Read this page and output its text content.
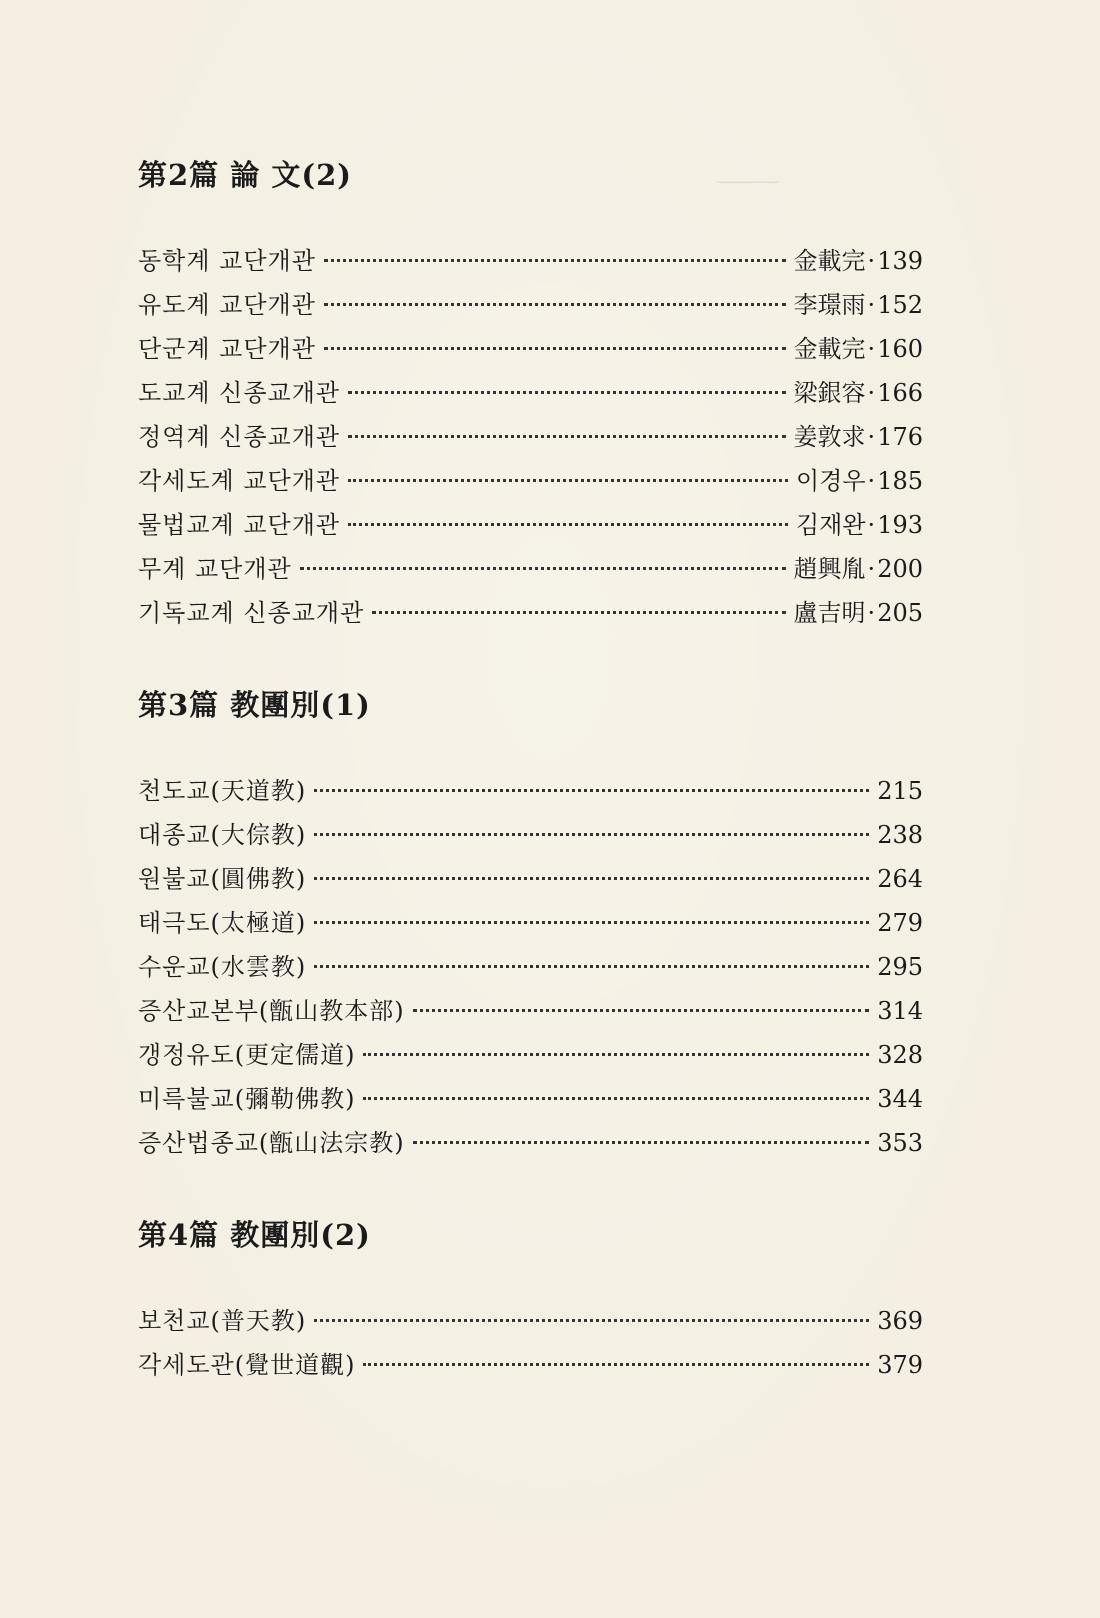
⸻
第2篇 論 文(2)
동학계 교단개관	金載完 · 139
유도계 교단개관	李璟雨 · 152
단군계 교단개관	金載完 · 160
도교계 신종교개관	梁銀容 · 166
정역계 신종교개관	姜敦求 · 176
각세도계 교단개관	이경우 · 185
물법교계 교단개관	김재완 · 193
무계 교단개관	趙興胤 · 200
기독교계 신종교개관	盧吉明 · 205
第3篇 教團別(1)
천도교(天道教)	215
대종교(大倧教)	238
원불교(圓佛教)	264
태극도(太極道)	279
수운교(水雲教)	295
증산교본부(甑山教本部)	314
갱정유도(更定儒道)	328
미륵불교(彌勒佛教)	344
증산법종교(甑山法宗教)	353
第4篇 教團別(2)
보천교(普天教)	369
각세도관(覺世道觀)	379
